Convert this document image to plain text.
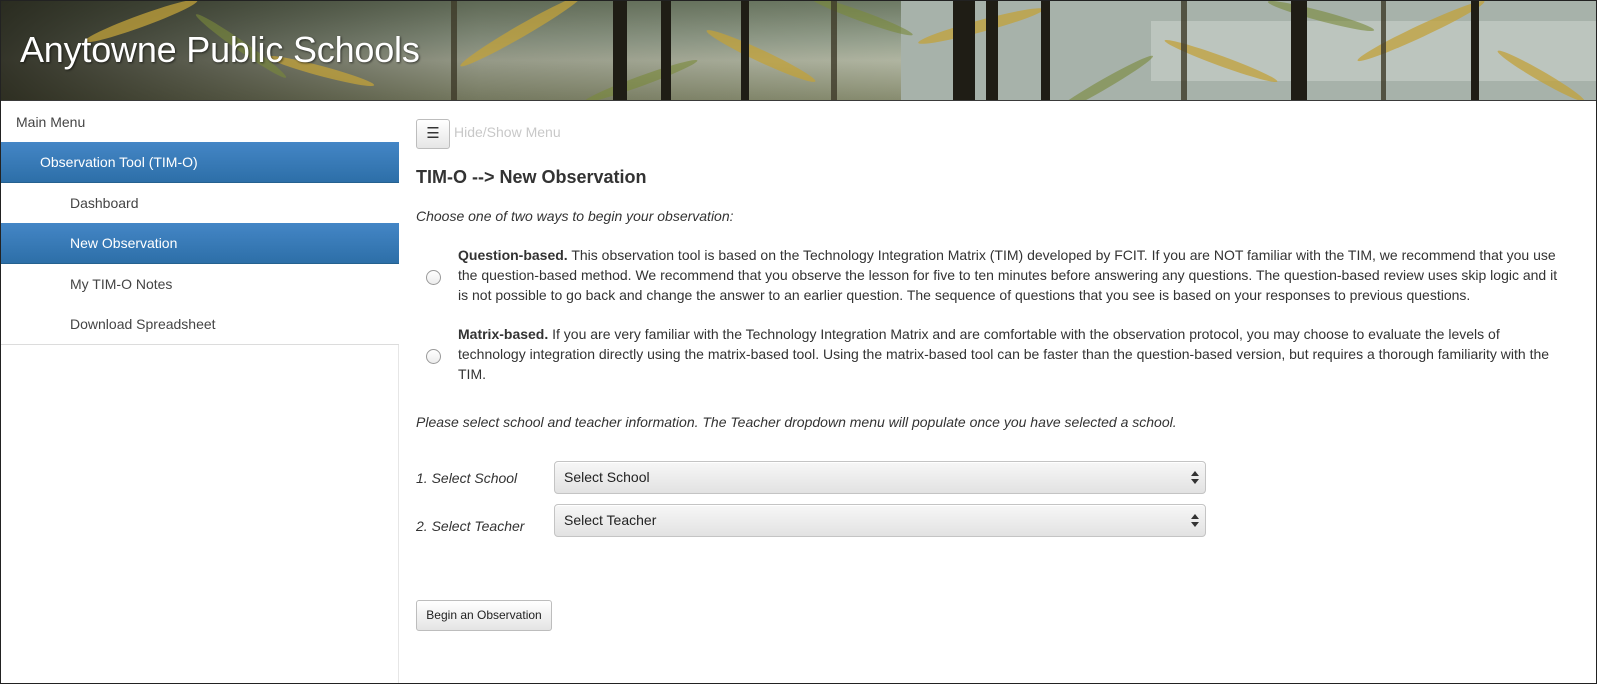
Anytowne Public Schools
Main Menu
Observation Tool (TIM-O)
Dashboard
New Observation
My TIM-O Notes
Download Spreadsheet
☰	Hide/Show Menu
TIM-O --> New Observation
Choose one of two ways to begin your observation:
Question-based. This observation tool is based on the Technology Integration Matrix (TIM) developed by FCIT. If you are NOT familiar with the TIM, we recommend that you use the question-based method. We recommend that you observe the lesson for five to ten minutes before answering any questions. The question-based review uses skip logic and it is not possible to go back and change the answer to an earlier question. The sequence of questions that you see is based on your responses to previous questions.
Matrix-based. If you are very familiar with the Technology Integration Matrix and are comfortable with the observation protocol, you may choose to evaluate the levels of technology integration directly using the matrix-based tool. Using the matrix-based tool can be faster than the question-based version, but requires a thorough familiarity with the TIM.
Please select school and teacher information. The Teacher dropdown menu will populate once you have selected a school.
1. Select School	Select School
2. Select Teacher	Select Teacher
Begin an Observation
